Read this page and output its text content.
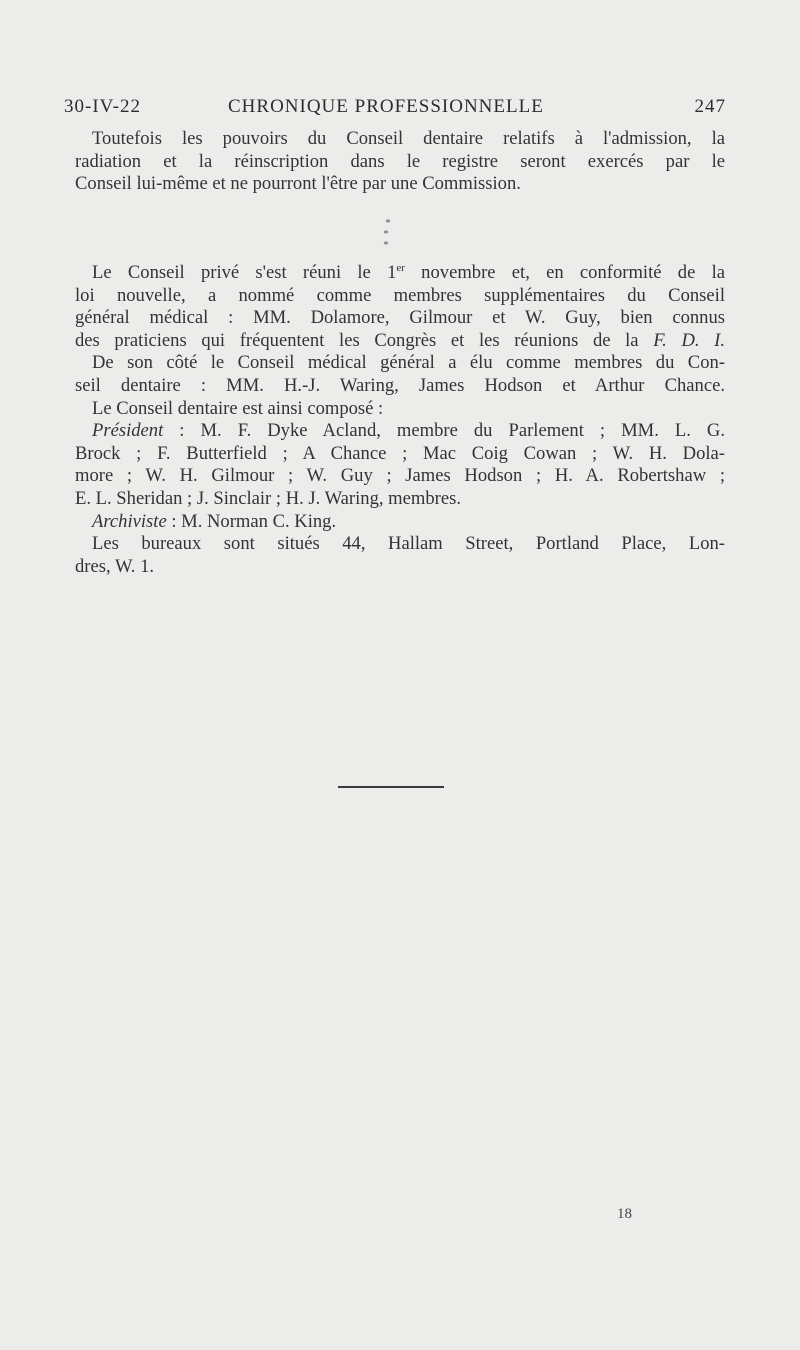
30-IV-22	CHRONIQUE PROFESSIONNELLE	247

Toutefois les pouvoirs du Conseil dentaire relatifs à l'admission, la

radiation et la réinscription dans le registre seront exercés par le

Conseil lui-même et ne pourront l'être par une Commission.

*
* *

Le Conseil privé s'est réuni le 1er novembre et, en conformité de la

loi nouvelle, a nommé comme membres supplémentaires du Conseil

général médical : MM. Dolamore, Gilmour et W. Guy, bien connus

des praticiens qui fréquentent les Congrès et les réunions de la F. D. I.

De son côté le Conseil médical général a élu comme membres du Con-

seil dentaire : MM. H.-J. Waring, James Hodson et Arthur Chance.

Le Conseil dentaire est ainsi composé :

Président : M. F. Dyke Acland, membre du Parlement ; MM. L. G.

Brock ; F. Butterfield ; A Chance ; Mac Coig Cowan ; W. H. Dola-

more ; W. H. Gilmour ; W. Guy ; James Hodson ; H. A. Robertshaw ;

E. L. Sheridan ; J. Sinclair ; H. J. Waring, membres.

Archiviste : M. Norman C. King.

Les bureaux sont situés 44, Hallam Street, Portland Place, Lon-

dres, W. 1.

18
